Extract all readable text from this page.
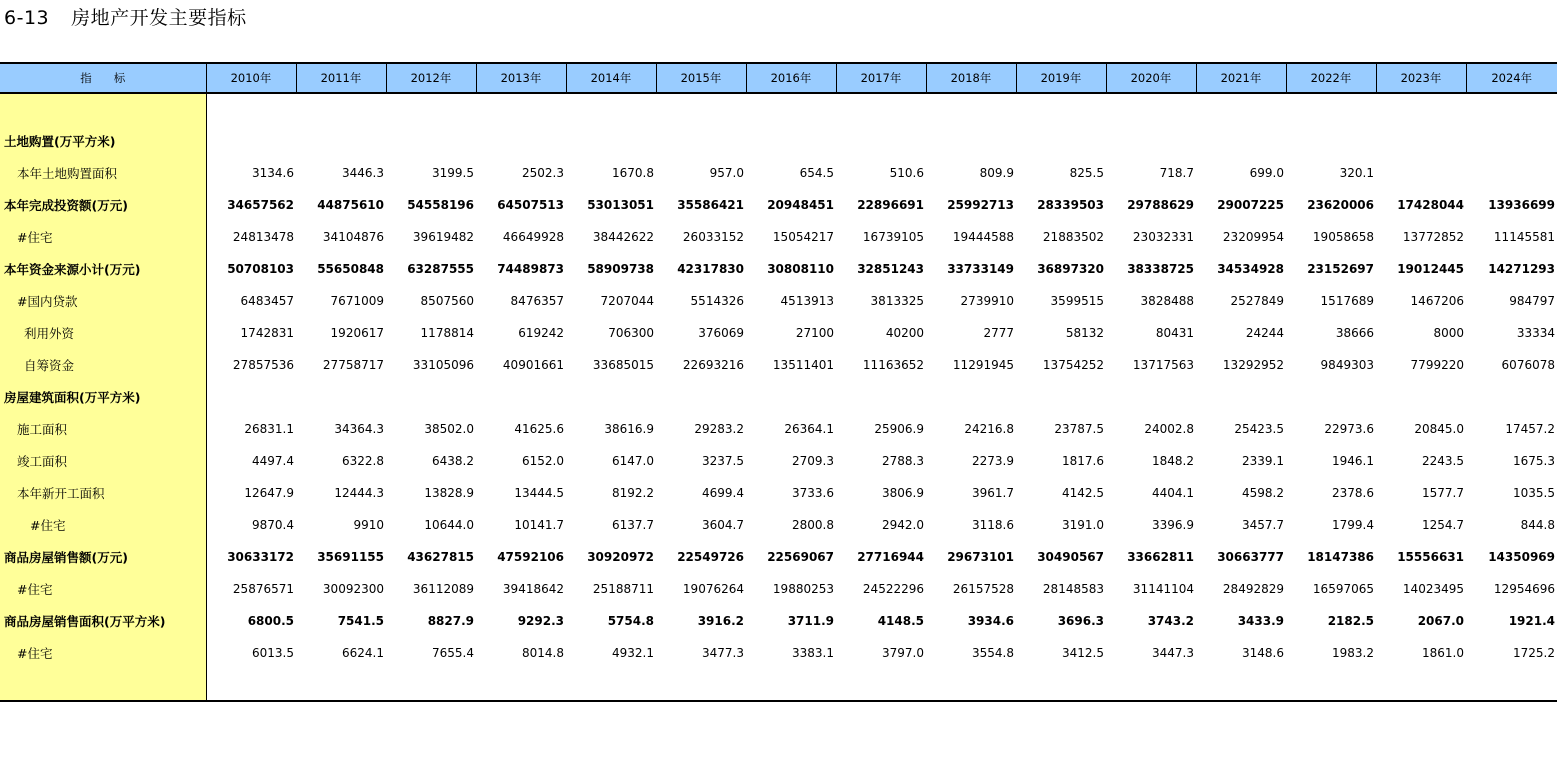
6-13 房地产开发主要指标
指标	2010年	2011年	2012年	2013年	2014年	2015年	2016年	2017年	2018年	2019年	2020年	2021年	2022年	2023年	2024年

土地购置(万平方米)															
本年土地购置面积	3134.6	3446.3	3199.5	2502.3	1670.8	957.0	654.5	510.6	809.9	825.5	718.7	699.0	320.1		
本年完成投资额(万元)	34657562	44875610	54558196	64507513	53013051	35586421	20948451	22896691	25992713	28339503	29788629	29007225	23620006	17428044	13936699
#住宅	24813478	34104876	39619482	46649928	38442622	26033152	15054217	16739105	19444588	21883502	23032331	23209954	19058658	13772852	11145581
本年资金来源小计(万元)	50708103	55650848	63287555	74489873	58909738	42317830	30808110	32851243	33733149	36897320	38338725	34534928	23152697	19012445	14271293
#国内贷款	6483457	7671009	8507560	8476357	7207044	5514326	4513913	3813325	2739910	3599515	3828488	2527849	1517689	1467206	984797
利用外资	1742831	1920617	1178814	619242	706300	376069	27100	40200	2777	58132	80431	24244	38666	8000	33334
自筹资金	27857536	27758717	33105096	40901661	33685015	22693216	13511401	11163652	11291945	13754252	13717563	13292952	9849303	7799220	6076078
房屋建筑面积(万平方米)															
施工面积	26831.1	34364.3	38502.0	41625.6	38616.9	29283.2	26364.1	25906.9	24216.8	23787.5	24002.8	25423.5	22973.6	20845.0	17457.2
竣工面积	4497.4	6322.8	6438.2	6152.0	6147.0	3237.5	2709.3	2788.3	2273.9	1817.6	1848.2	2339.1	1946.1	2243.5	1675.3
本年新开工面积	12647.9	12444.3	13828.9	13444.5	8192.2	4699.4	3733.6	3806.9	3961.7	4142.5	4404.1	4598.2	2378.6	1577.7	1035.5
#住宅	9870.4	9910	10644.0	10141.7	6137.7	3604.7	2800.8	2942.0	3118.6	3191.0	3396.9	3457.7	1799.4	1254.7	844.8
商品房屋销售额(万元)	30633172	35691155	43627815	47592106	30920972	22549726	22569067	27716944	29673101	30490567	33662811	30663777	18147386	15556631	14350969
#住宅	25876571	30092300	36112089	39418642	25188711	19076264	19880253	24522296	26157528	28148583	31141104	28492829	16597065	14023495	12954696
商品房屋销售面积(万平方米)	6800.5	7541.5	8827.9	9292.3	5754.8	3916.2	3711.9	4148.5	3934.6	3696.3	3743.2	3433.9	2182.5	2067.0	1921.4
#住宅	6013.5	6624.1	7655.4	8014.8	4932.1	3477.3	3383.1	3797.0	3554.8	3412.5	3447.3	3148.6	1983.2	1861.0	1725.2
